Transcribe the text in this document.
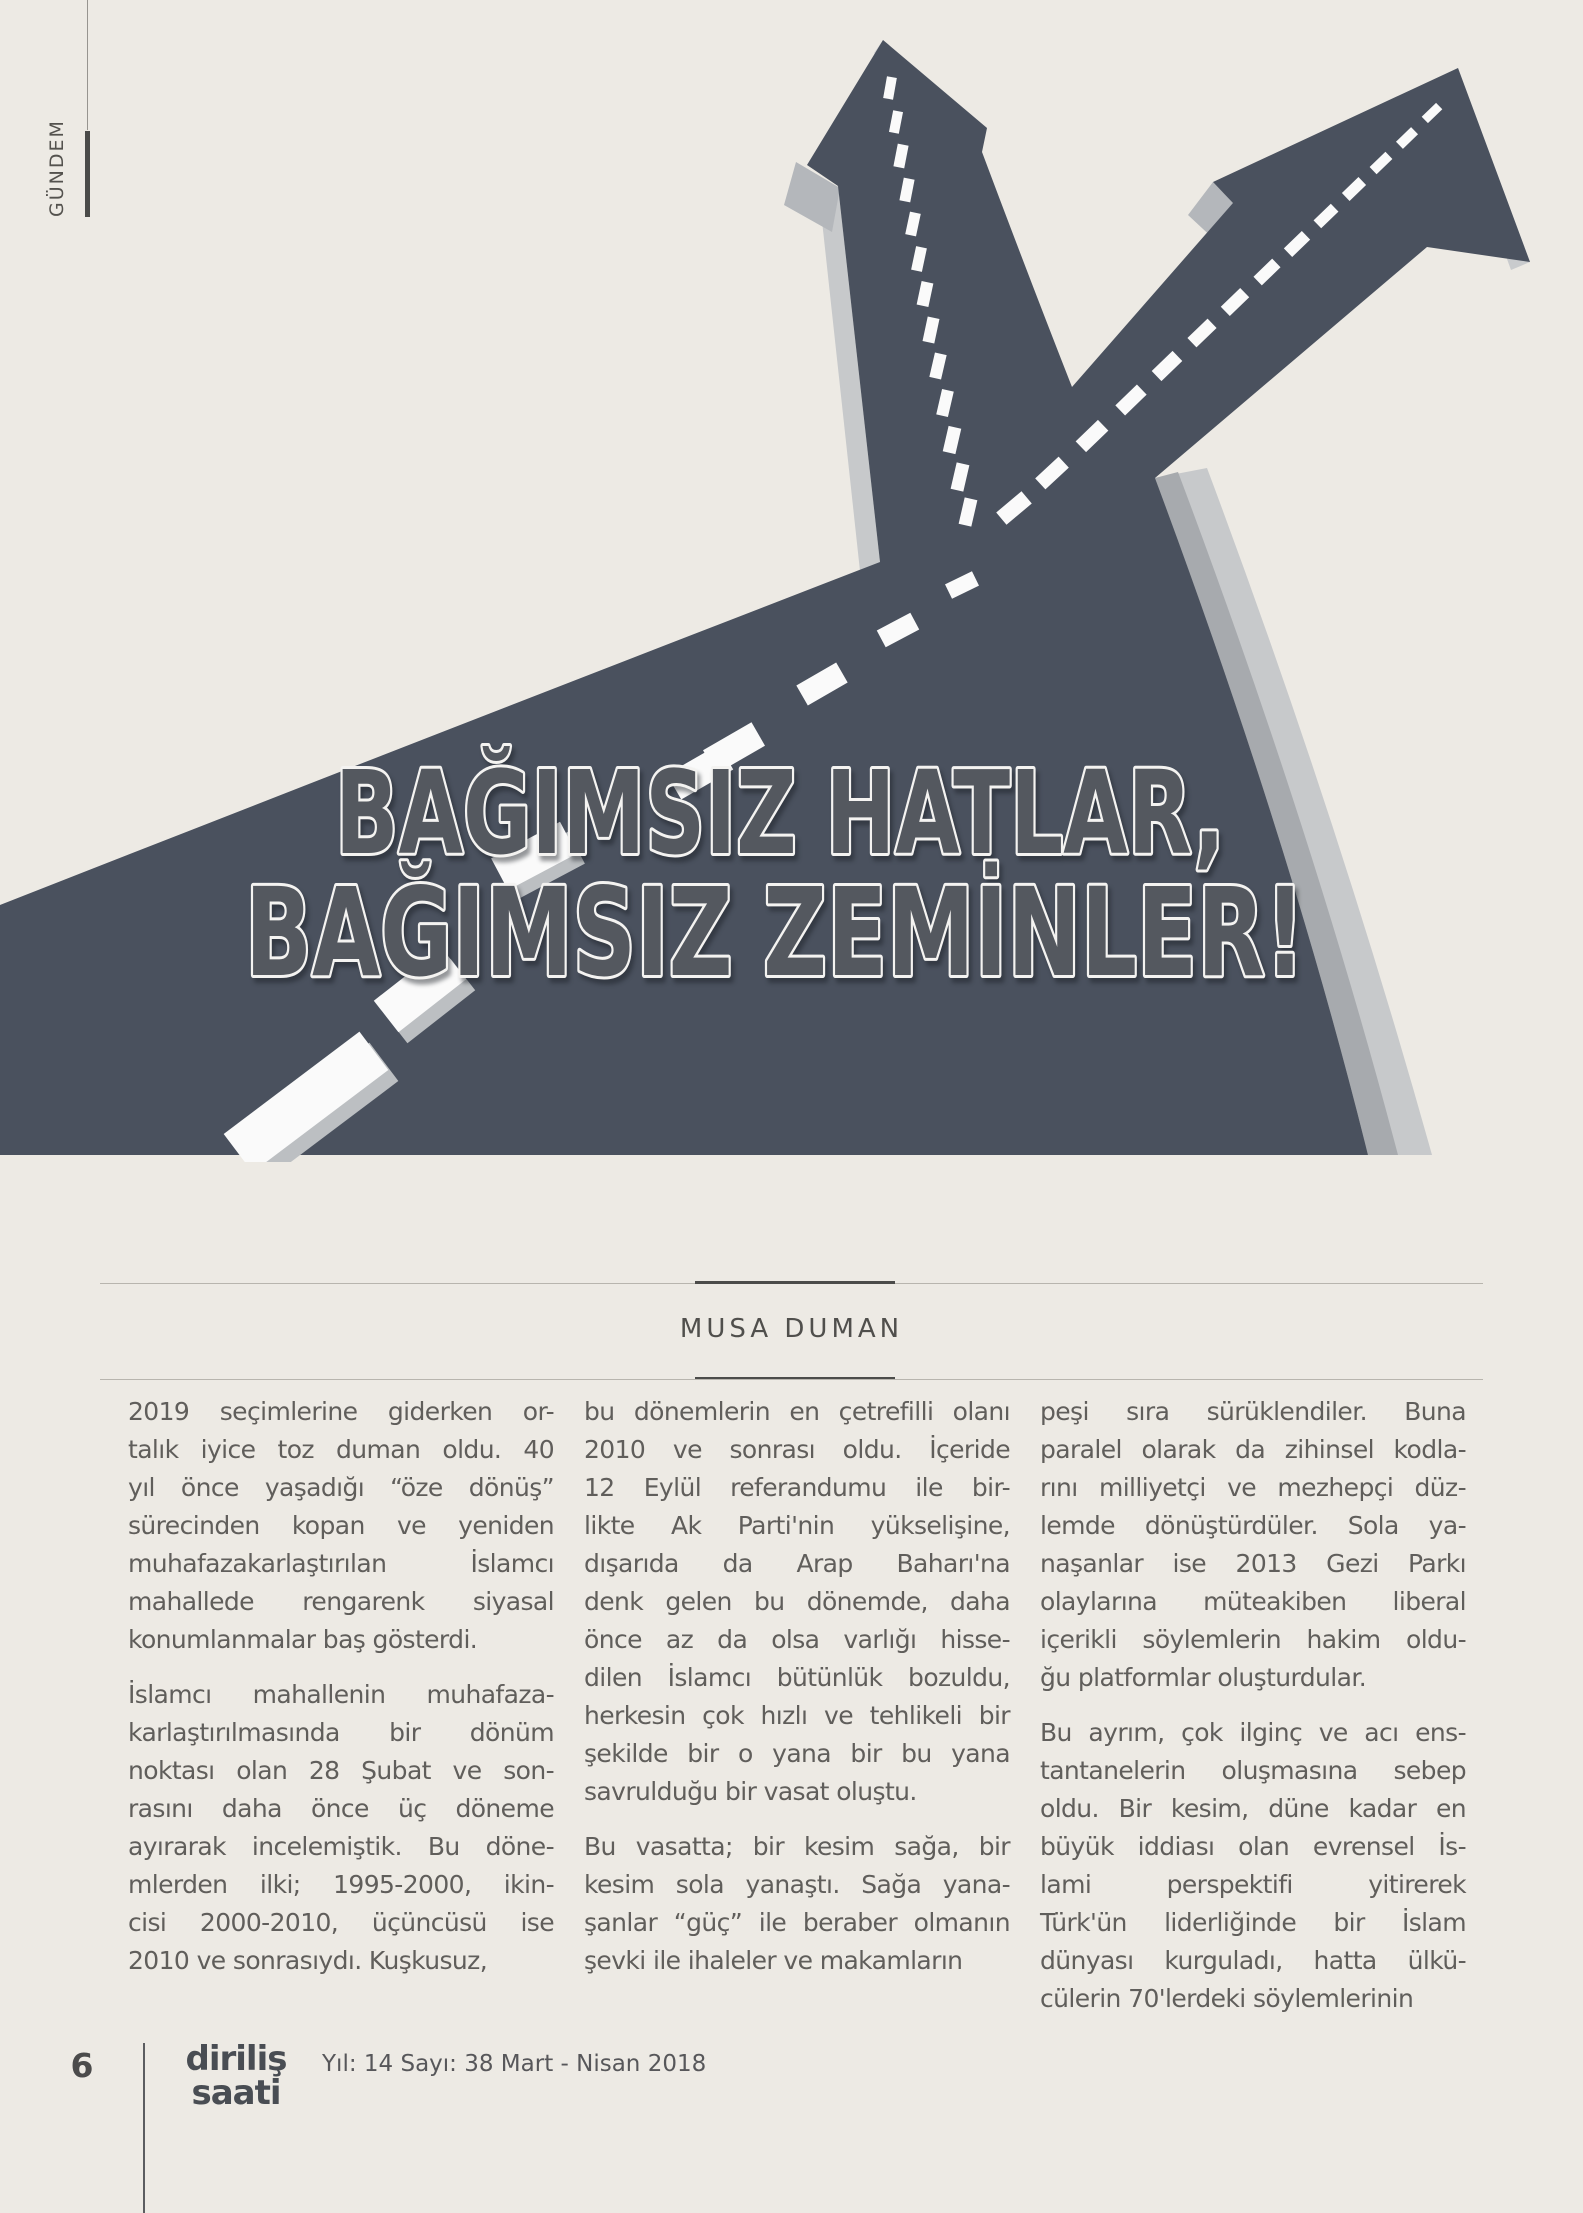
BAĞIMSIZ HATLAR,
BAĞIMSIZ ZEMİNLER!
GÜNDEM
MUSA DUMAN
2019 seçimlerine giderken or-
talık iyice toz duman oldu. 40
yıl önce yaşadığı “öze dönüş”
sürecinden kopan ve yeniden
muhafazakarlaştırılan İslamcı
mahallede rengarenk siyasal
konumlanmalar baş gösterdi.
İslamcı mahallenin muhafaza-
karlaştırılmasında bir dönüm
noktası olan 28 Şubat ve son-
rasını daha önce üç döneme
ayırarak incelemiştik. Bu döne-
mlerden ilki; 1995-2000, ikin-
cisi 2000-2010, üçüncüsü ise
2010 ve sonrasıydı. Kuşkusuz,
bu dönemlerin en çetrefilli olanı
2010 ve sonrası oldu. İçeride
12 Eylül referandumu ile bir-
likte Ak Parti'nin yükselişine,
dışarıda da Arap Baharı'na
denk gelen bu dönemde, daha
önce az da olsa varlığı hisse-
dilen İslamcı bütünlük bozuldu,
herkesin çok hızlı ve tehlikeli bir
şekilde bir o yana bir bu yana
savrulduğu bir vasat oluştu.
Bu vasatta; bir kesim sağa, bir
kesim sola yanaştı. Sağa yana-
şanlar “güç” ile beraber olmanın
şevki ile ihaleler ve makamların
peşi sıra sürüklendiler. Buna
paralel olarak da zihinsel kodla-
rını milliyetçi ve mezhepçi düz-
lemde dönüştürdüler. Sola ya-
naşanlar ise 2013 Gezi Parkı
olaylarına müteakiben liberal
içerikli söylemlerin hakim oldu-
ğu platformlar oluşturdular.
Bu ayrım, çok ilginç ve acı ens-
tantanelerin oluşmasına sebep
oldu. Bir kesim, düne kadar en
büyük iddiası olan evrensel İs-
lami perspektifi yitirerek
Türk'ün liderliğinde bir İslam
dünyası kurguladı, hatta ülkü-
cülerin 70'lerdeki söylemlerinin
6	diriliş
saati
Yıl: 14 Sayı: 38 Mart - Nisan 2018
